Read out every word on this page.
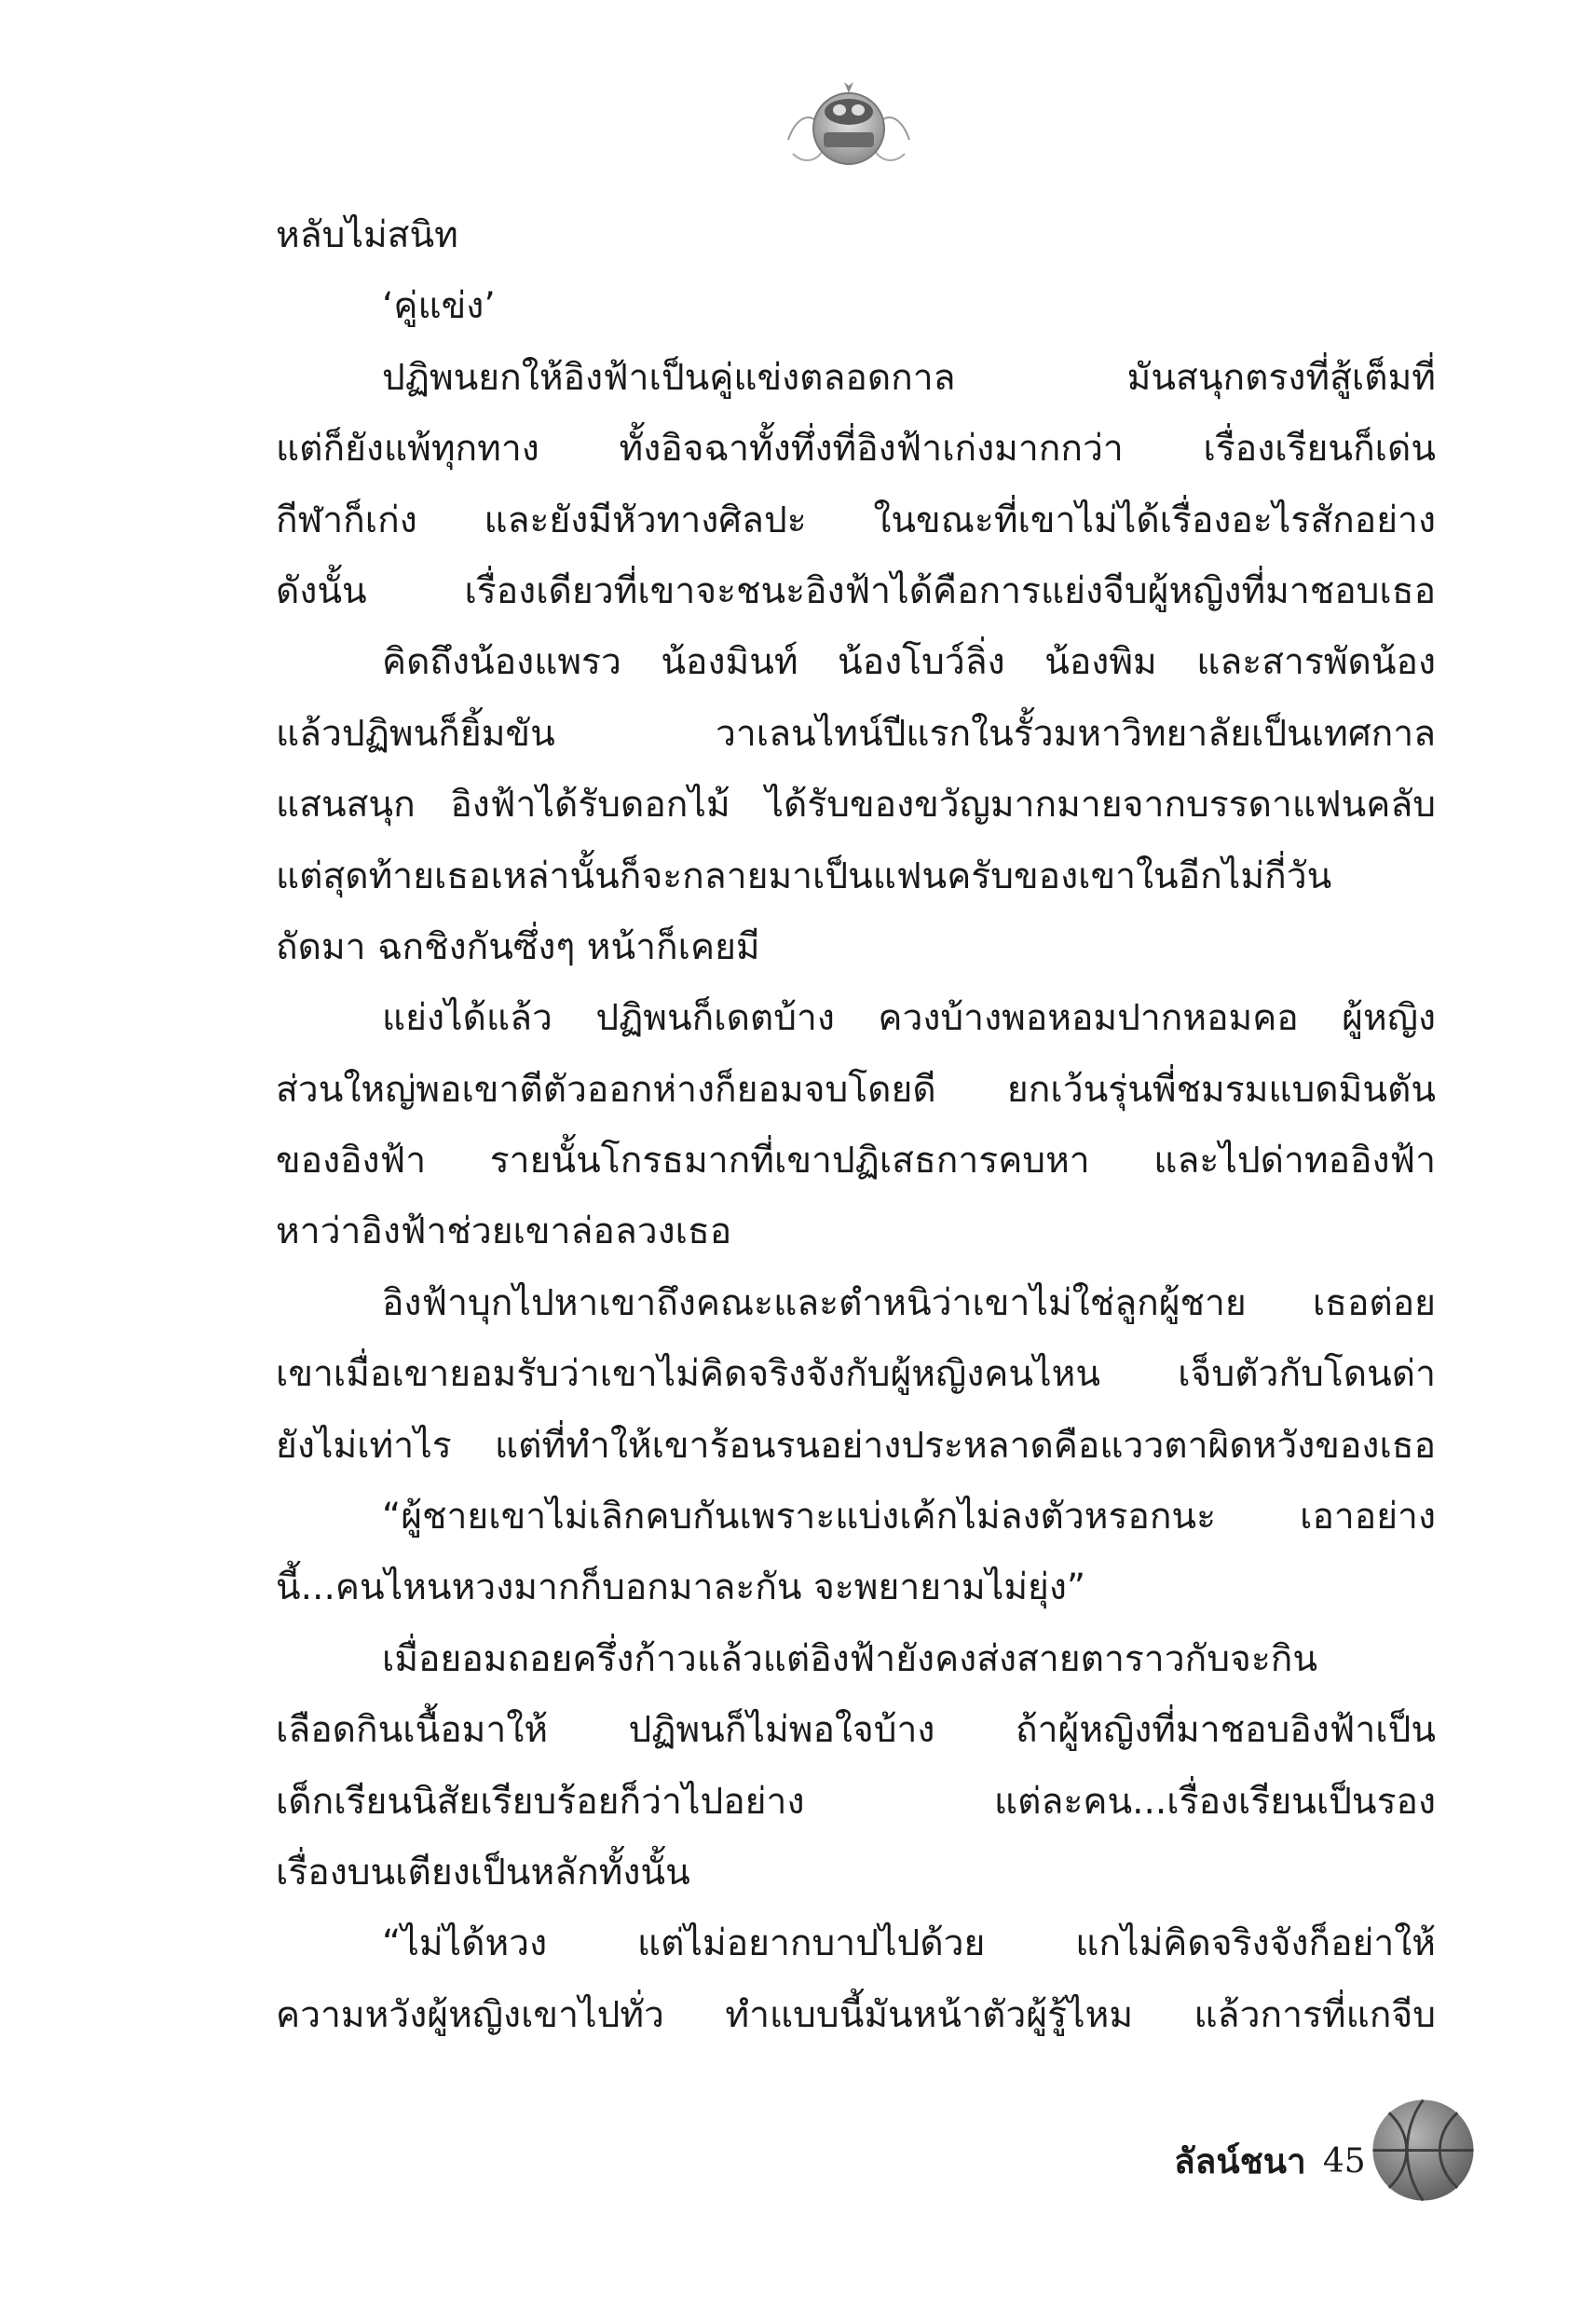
หลับไม่สนิท
‘คู่แข่ง’
ปฏิพนยกให้อิงฟ้าเป็นคู่แข่งตลอดกาล มันสนุกตรงที่สู้เต็มที่
แต่ก็ยังแพ้ทุกทาง ทั้งอิจฉาทั้งทึ่งที่อิงฟ้าเก่งมากกว่า เรื่องเรียนก็เด่น
กีฬาก็เก่ง และยังมีหัวทางศิลปะ ในขณะที่เขาไม่ได้เรื่องอะไรสักอย่าง
ดังนั้น เรื่องเดียวที่เขาจะชนะอิงฟ้าได้คือการแย่งจีบผู้หญิงที่มาชอบเธอ
คิดถึงน้องแพรว น้องมินท์ น้องโบว์ลิ่ง น้องพิม และสารพัดน้อง
แล้วปฏิพนก็ยิ้มขัน วาเลนไทน์ปีแรกในรั้วมหาวิทยาลัยเป็นเทศกาล
แสนสนุก อิงฟ้าได้รับดอกไม้ ได้รับของขวัญมากมายจากบรรดาแฟนคลับ
แต่สุดท้ายเธอเหล่านั้นก็จะกลายมาเป็นแฟนครับของเขาในอีกไม่กี่วัน
ถัดมา ฉกชิงกันซึ่งๆ หน้าก็เคยมี
แย่งได้แล้ว ปฏิพนก็เดตบ้าง ควงบ้างพอหอมปากหอมคอ ผู้หญิง
ส่วนใหญ่พอเขาตีตัวออกห่างก็ยอมจบโดยดี ยกเว้นรุ่นพี่ชมรมแบดมินตัน
ของอิงฟ้า รายนั้นโกรธมากที่เขาปฏิเสธการคบหา และไปด่าทออิงฟ้า
หาว่าอิงฟ้าช่วยเขาล่อลวงเธอ
อิงฟ้าบุกไปหาเขาถึงคณะและตำหนิว่าเขาไม่ใช่ลูกผู้ชาย เธอต่อย
เขาเมื่อเขายอมรับว่าเขาไม่คิดจริงจังกับผู้หญิงคนไหน เจ็บตัวกับโดนด่า
ยังไม่เท่าไร แต่ที่ทำให้เขาร้อนรนอย่างประหลาดคือแววตาผิดหวังของเธอ
“ผู้ชายเขาไม่เลิกคบกันเพราะแบ่งเค้กไม่ลงตัวหรอกนะ เอาอย่าง
นี้...คนไหนหวงมากก็บอกมาละกัน จะพยายามไม่ยุ่ง”
เมื่อยอมถอยครึ่งก้าวแล้วแต่อิงฟ้ายังคงส่งสายตาราวกับจะกิน
เลือดกินเนื้อมาให้ ปฏิพนก็ไม่พอใจบ้าง ถ้าผู้หญิงที่มาชอบอิงฟ้าเป็น
เด็กเรียนนิสัยเรียบร้อยก็ว่าไปอย่าง แต่ละคน...เรื่องเรียนเป็นรอง
เรื่องบนเตียงเป็นหลักทั้งนั้น
“ไม่ได้หวง แต่ไม่อยากบาปไปด้วย แกไม่คิดจริงจังก็อย่าให้
ความหวังผู้หญิงเขาไปทั่ว ทำแบบนี้มันหน้าตัวผู้รู้ไหม แล้วการที่แกจีบ
ลัลน์ชนา 45
